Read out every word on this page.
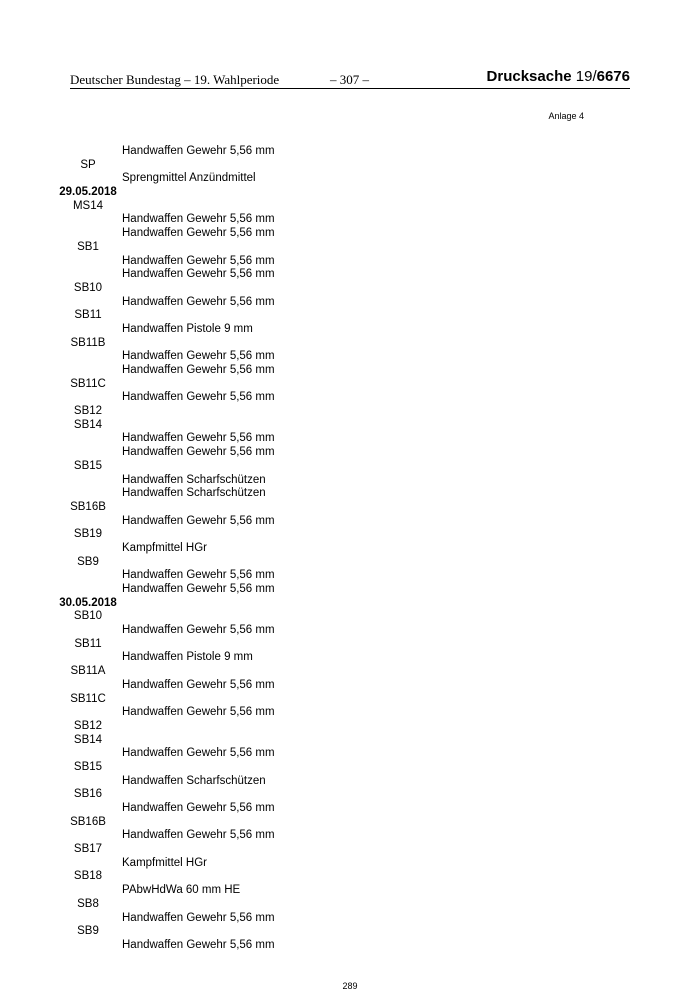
Deutscher Bundestag – 19. Wahlperiode	– 307 –	Drucksache 19/6676
Anlage 4
Handwaffen Gewehr 5,56 mm
SP
Sprengmittel Anzündmittel
29.05.2018
MS14
Handwaffen Gewehr 5,56 mm
Handwaffen Gewehr 5,56 mm
SB1
Handwaffen Gewehr 5,56 mm
Handwaffen Gewehr 5,56 mm
SB10
Handwaffen Gewehr 5,56 mm
SB11
Handwaffen Pistole 9 mm
SB11B
Handwaffen Gewehr 5,56 mm
Handwaffen Gewehr 5,56 mm
SB11C
Handwaffen Gewehr 5,56 mm
SB12
SB14
Handwaffen Gewehr 5,56 mm
Handwaffen Gewehr 5,56 mm
SB15
Handwaffen Scharfschützen
Handwaffen Scharfschützen
SB16B
Handwaffen Gewehr 5,56 mm
SB19
Kampfmittel HGr
SB9
Handwaffen Gewehr 5,56 mm
Handwaffen Gewehr 5,56 mm
30.05.2018
SB10
Handwaffen Gewehr 5,56 mm
SB11
Handwaffen Pistole 9 mm
SB11A
Handwaffen Gewehr 5,56 mm
SB11C
Handwaffen Gewehr 5,56 mm
SB12
SB14
Handwaffen Gewehr 5,56 mm
SB15
Handwaffen Scharfschützen
SB16
Handwaffen Gewehr 5,56 mm
SB16B
Handwaffen Gewehr 5,56 mm
SB17
Kampfmittel HGr
SB18
PAbwHdWa 60 mm HE
SB8
Handwaffen Gewehr 5,56 mm
SB9
Handwaffen Gewehr 5,56 mm
289
